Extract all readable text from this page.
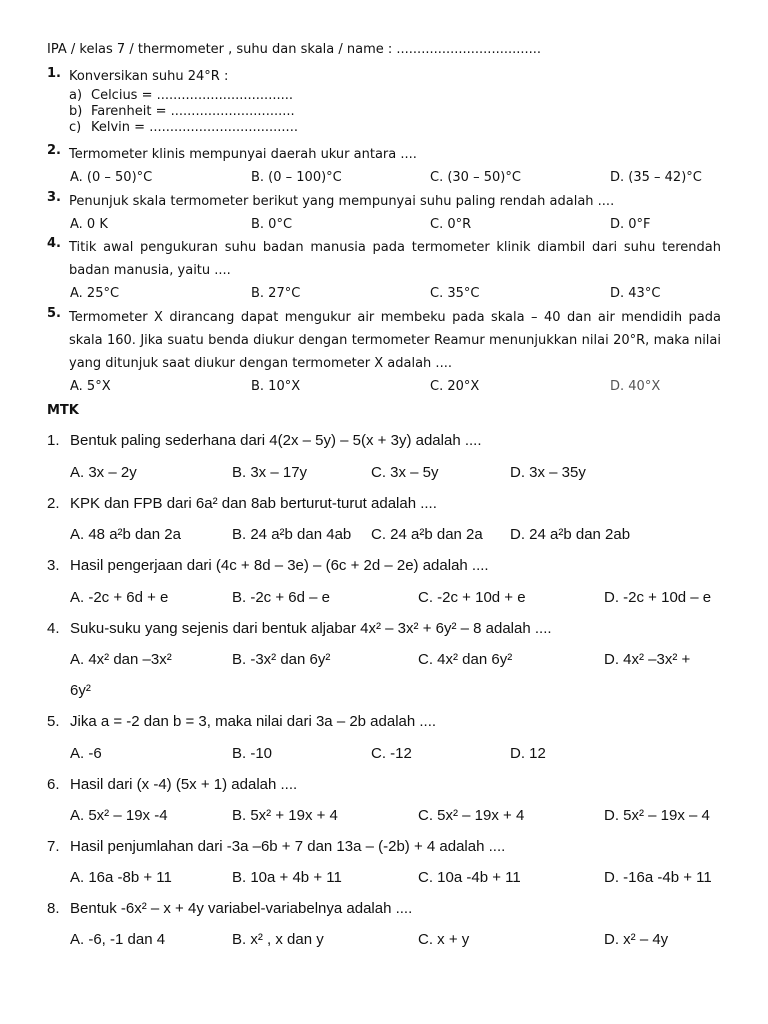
IPA / kelas 7 / thermometer , suhu dan skala / name : ...................................
1. Konversikan suhu 24°R :
a) Celcius = .................................
b) Farenheit = ..............................
c) Kelvin = ....................................
2. Termometer klinis mempunyai daerah ukur antara ....
A. (0 – 50)°C	B. (0 – 100)°C	C. (30 – 50)°C	D. (35 – 42)°C
3. Penunjuk skala termometer berikut yang mempunyai suhu paling rendah adalah ....
A. 0 K	B. 0°C	C. 0°R	D. 0°F
4. Titik awal pengukuran suhu badan manusia pada termometer klinik diambil dari suhu terendah badan manusia, yaitu ....
A. 25°C	B. 27°C	C. 35°C	D. 43°C
5. Termometer X dirancang dapat mengukur air membeku pada skala – 40 dan air mendidih pada skala 160. Jika suatu benda diukur dengan termometer Reamur menunjukkan nilai 20°R, maka nilai yang ditunjuk saat diukur dengan termometer X adalah ....
A. 5°X	B. 10°X	C. 20°X	D. 40°X
MTK
1. Bentuk paling sederhana dari 4(2x – 5y) – 5(x + 3y) adalah ....
A. 3x – 2y	B. 3x – 17y	C. 3x – 5y	D. 3x – 35y
2. KPK dan FPB dari 6a² dan 8ab berturut-turut adalah ....
A. 48 a²b dan 2a	B. 24 a²b dan 4ab C. 24 a²b dan 2a D. 24 a²b dan 2ab
3. Hasil pengerjaan dari (4c + 8d – 3e) – (6c + 2d – 2e) adalah ....
A. -2c + 6d + e	B. -2c + 6d – e	C. -2c + 10d + e	D. -2c + 10d – e
4. Suku-suku yang sejenis dari bentuk aljabar 4x² – 3x² + 6y² – 8 adalah ....
A. 4x² dan –3x²	B. -3x² dan 6y²	C. 4x² dan 6y²	D. 4x² –3x² +
6y²
5. Jika a = -2 dan b = 3, maka nilai dari 3a – 2b adalah ....
A. -6	B. -10	C. -12	D. 12
6. Hasil dari (x -4) (5x + 1) adalah ....
A. 5x² – 19x -4	B. 5x² + 19x + 4	C. 5x² – 19x + 4	D. 5x² – 19x – 4
7. Hasil penjumlahan dari -3a –6b + 7 dan 13a – (-2b) + 4 adalah ....
A. 16a -8b + 11	B. 10a + 4b + 11	C. 10a -4b + 11	D. -16a -4b + 11
8. Bentuk -6x² – x + 4y variabel-variabelnya adalah ....
A. -6, -1 dan 4	B. x² , x dan y	C. x + y	D. x² – 4y
